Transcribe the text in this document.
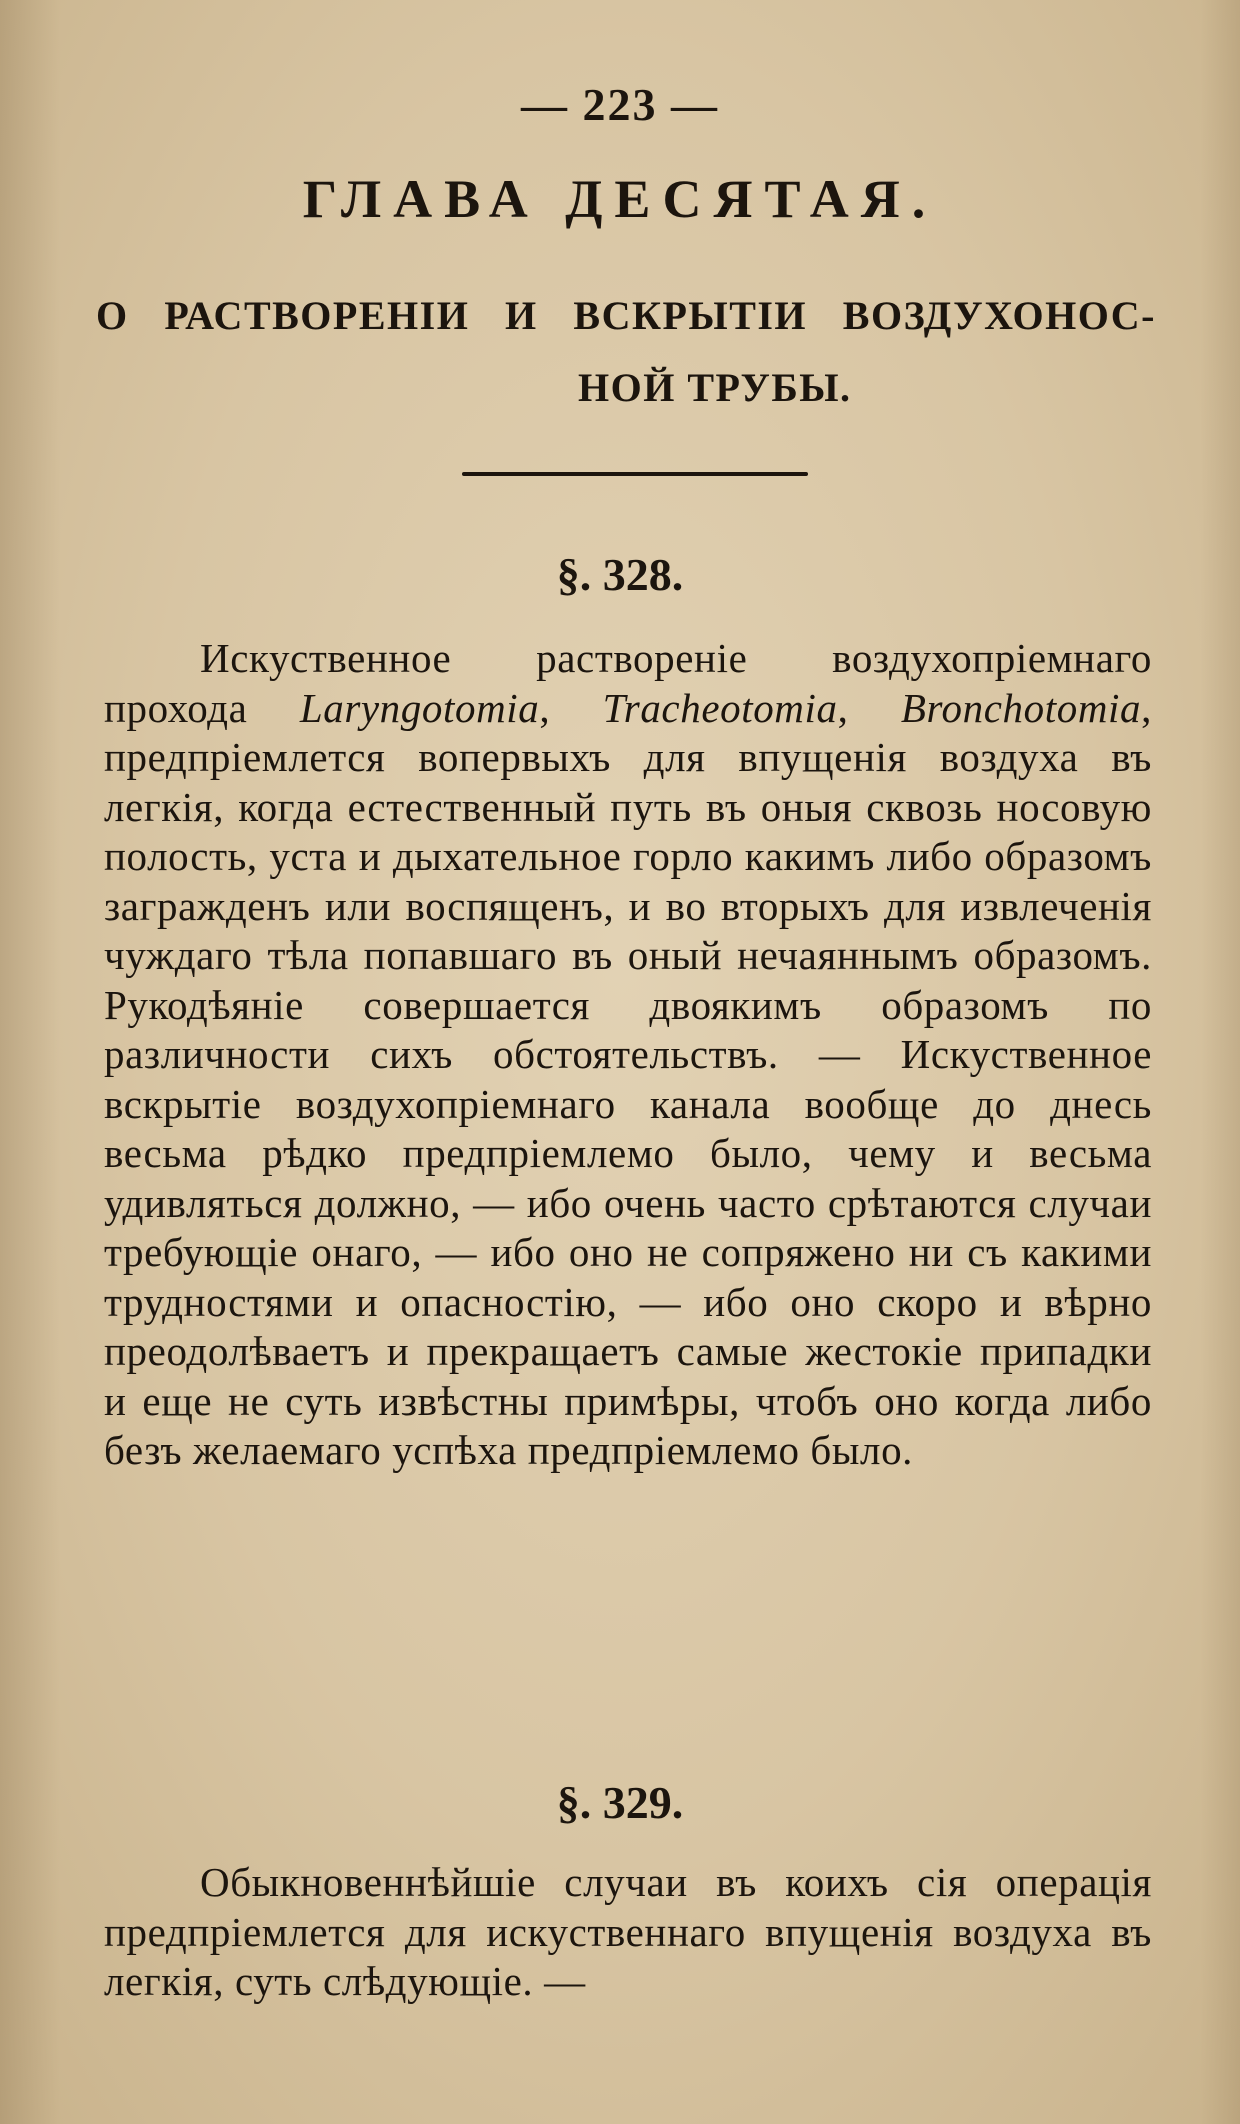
— 223 —
ГЛАВА ДЕСЯТАЯ.
О РАСТВОРЕНІИ И ВСКРЫТІИ ВОЗДУХОНОС-
НОЙ ТРУБЫ.
§. 328.
Искуственное раствореніе воздухопріемнаго прохода Laryngotomia, Tracheotomia, Bronchotomia, предпріемлется вопервыхъ для впущенія воздуха въ легкія, когда естественный путь въ оныя сквозь носовую полость, уста и дыхательное горло какимъ либо образомъ загражденъ или воспященъ, и во вторыхъ для извлеченія чуждаго тѣла попавшаго въ оный нечаяннымъ образомъ. Рукодѣяніе совершается двоякимъ образомъ по различности сихъ обстоятельствъ. — Искуственное вскрытіе воздухопріемнаго канала вообще до днесь весьма рѣдко предпріемлемо было, чему и весьма удивляться должно, — ибо очень часто срѣтаются случаи требующіе онаго, — ибо оно не сопряжено ни съ какими трудностями и опасностію, — ибо оно скоро и вѣрно преодолѣваетъ и прекращаетъ самые жестокіе припадки и еще не суть извѣстны примѣры, чтобъ оно когда либо безъ желаемаго успѣха предпріемлемо было.
§. 329.
Обыкновеннѣйшіе случаи въ коихъ сія операція предпріемлется для искуственнаго впущенія воздуха въ легкія, суть слѣдующіе. —
